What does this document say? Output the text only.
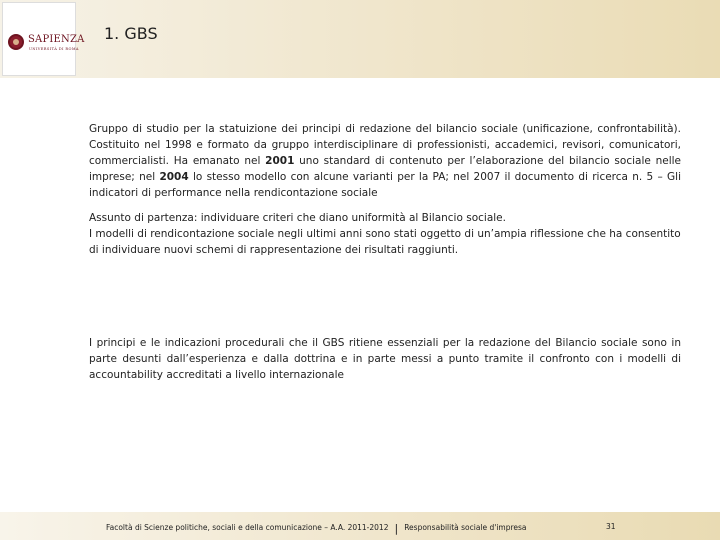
SAPIENZA
UNIVERSITÀ DI ROMA
1. GBS
Gruppo di studio per la statuizione dei principi di redazione del bilancio sociale (unificazione, confrontabilità). Costituito nel 1998 e formato da gruppo interdisciplinare di professionisti, accademici, revisori, comunicatori, commercialisti. Ha emanato nel 2001 uno standard di contenuto per l’elaborazione del bilancio sociale nelle imprese; nel 2004 lo stesso modello con alcune varianti per la PA; nel 2007 il documento di ricerca n. 5 – Gli indicatori di performance nella rendicontazione sociale
Assunto di partenza: individuare criteri che diano uniformità al Bilancio sociale.
I modelli di rendicontazione sociale negli ultimi anni sono stati oggetto di un’ampia riflessione che ha consentito di individuare nuovi schemi di rappresentazione dei risultati raggiunti.
I principi e le indicazioni procedurali che il GBS ritiene essenziali per la redazione del Bilancio sociale sono in parte desunti dall’esperienza e dalla dottrina e in parte messi a punto tramite il confronto con i modelli di accountability accreditati a livello internazionale
Facoltà di Scienze politiche, sociali e della comunicazione – A.A. 2011-2012 | Responsabilità sociale d'impresa	31
